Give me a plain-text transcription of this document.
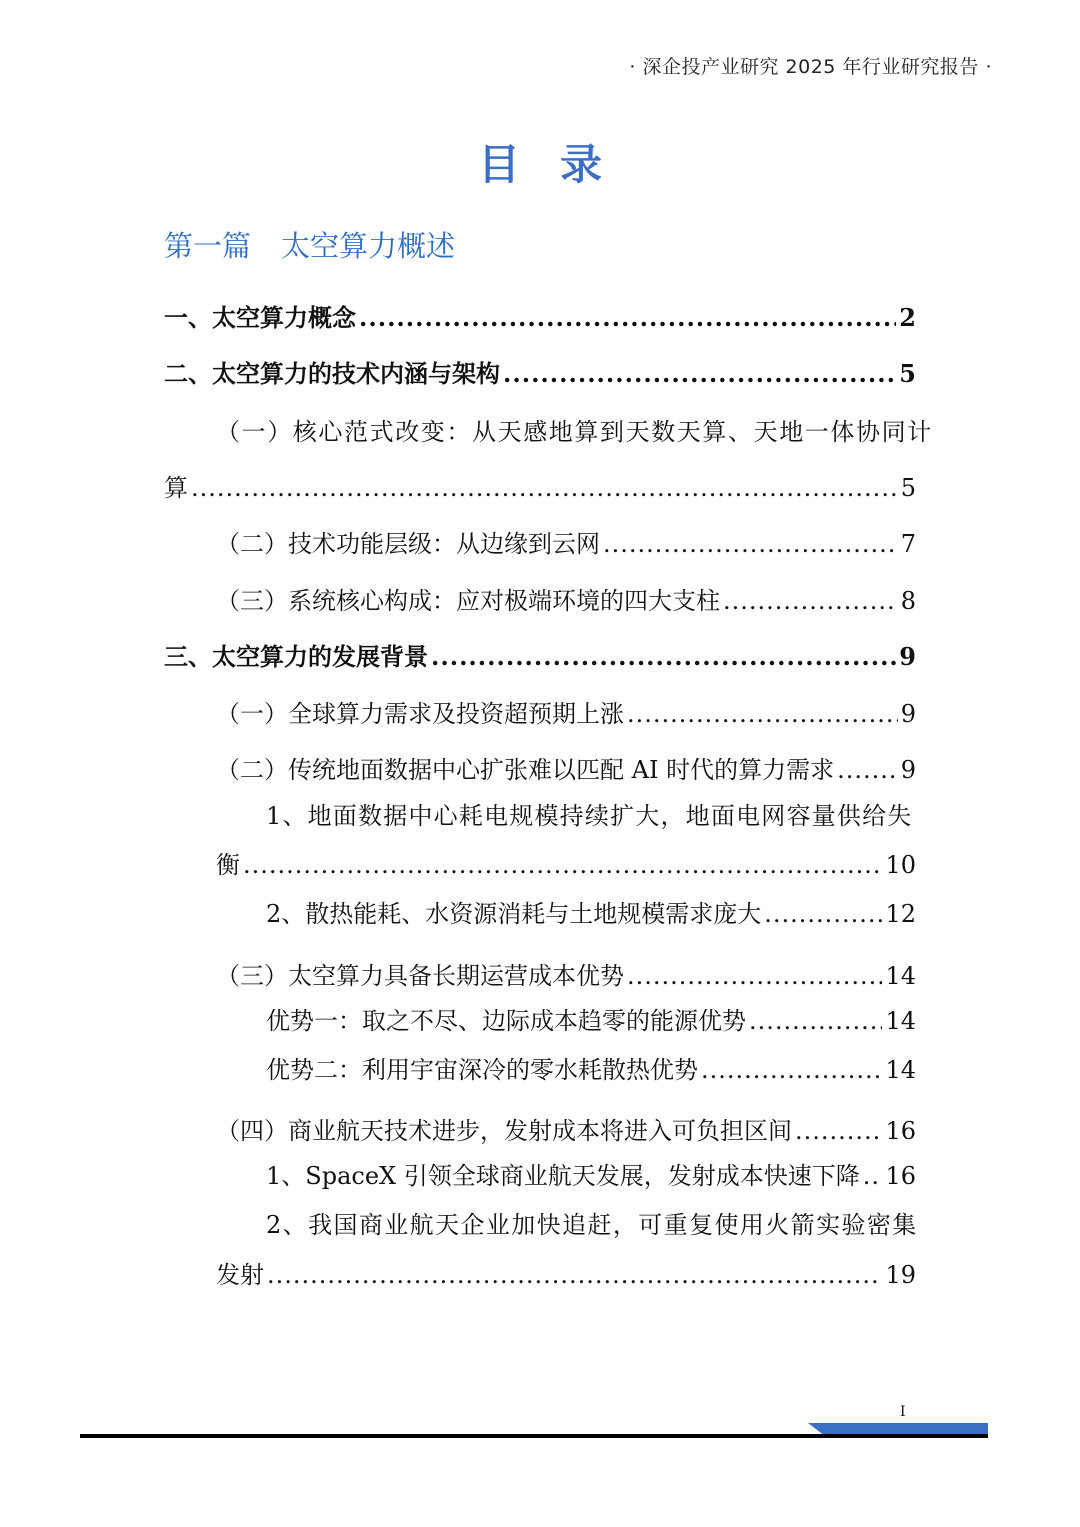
· 深企投产业研究 2025 年行业研究报告 ·
目录
第一篇 太空算力概述
一、太空算力概念 .....	2
二、太空算力的技术内涵与架构 .....	5
（一）核心范式改变：从天感地算到天数天算、天地一体协同计
算 .....	5
（二）技术功能层级：从边缘到云网 .....	7
（三）系统核心构成：应对极端环境的四大支柱 .....	8
三、太空算力的发展背景 .....	9
（一）全球算力需求及投资超预期上涨 .....	9
（二）传统地面数据中心扩张难以匹配 AI 时代的算力需求 .....	9
1、地面数据中心耗电规模持续扩大，地面电网容量供给失
衡 .....	10
2、散热能耗、水资源消耗与土地规模需求庞大 .....	12
（三）太空算力具备长期运营成本优势 .....	14
优势一：取之不尽、边际成本趋零的能源优势 .....	14
优势二：利用宇宙深冷的零水耗散热优势 .....	14
（四）商业航天技术进步，发射成本将进入可负担区间 .....	16
1、SpaceX 引领全球商业航天发展，发射成本快速下降 ..... 16
2、我国商业航天企业加快追赶，可重复使用火箭实验密集
发射 .....	19
I
